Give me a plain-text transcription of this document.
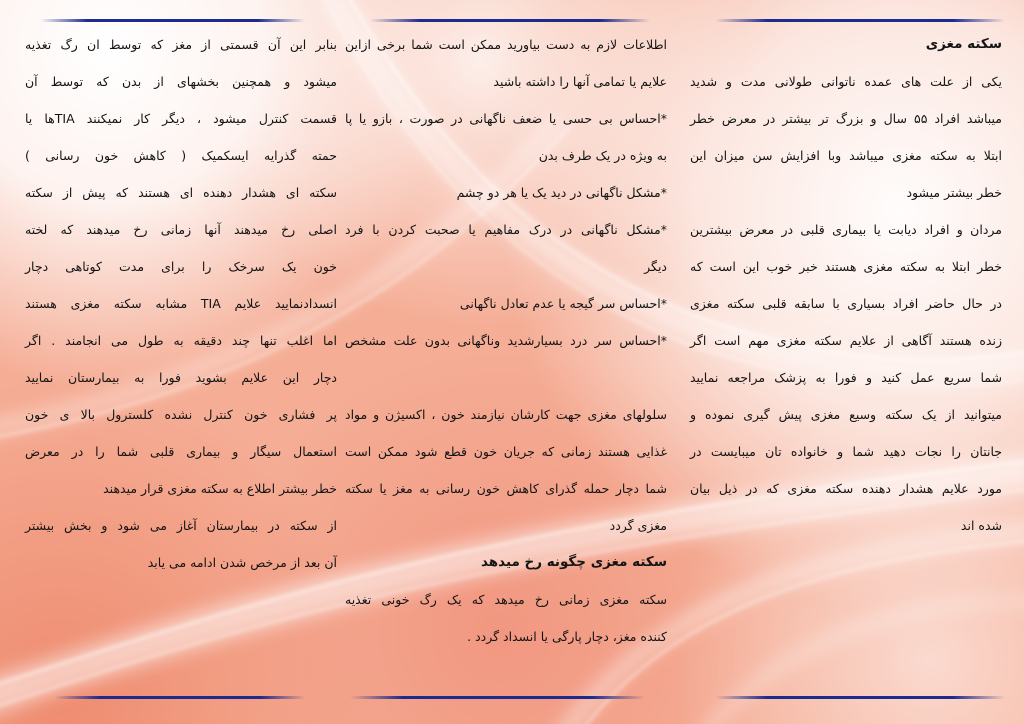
سکته مغزی
یکی از علت های عمده ناتوانی طولانی مدت و شدید
میباشد افراد ۵۵ سال و بزرگ تر بیشتر در معرض خطر
ابتلا به سکته مغزی میباشد وبا افزایش سن میزان این
خطر بیشتر میشود
مردان و افراد دیابت یا بیماری قلبی در معرض بیشترین
خطر ابتلا به سکته مغزی هستند خبر خوب این است که
در حال حاضر افراد بسیاری با سابقه قلبی سکته مغزی
زنده هستند آگاهی از علایم سکته مغزی مهم است اگر
شما سریع عمل کنید و فورا به پزشک مراجعه نمایید
میتوانید از یک سکته وسیع مغزی پیش گیری نموده و
جانتان را نجات دهید شما و خانواده تان میبایست در
مورد علایم هشدار دهنده سکته مغزی که در ذیل بیان
شده اند
اطلاعات لازم به دست بیاورید ممکن است شما برخی ازاین
علایم یا تمامی آنها را داشته باشید
*احساس بی حسی یا ضعف ناگهانی در صورت ، بازو یا پا
به ویژه در یک طرف بدن
*مشکل ناگهانی در دید یک یا هر دو چشم
*مشکل ناگهانی در درک مفاهیم یا صحبت کردن با فرد
دیگر
*احساس سر گیجه یا عدم تعادل ناگهانی
*احساس سر درد بسیارشدید وناگهانی بدون علت مشخص
سلولهای مغزی جهت کارشان نیازمند خون ، اکسیژن و مواد
غذایی هستند زمانی که جریان خون قطع شود ممکن است
شما دچار حمله گذرای کاهش خون رسانی به مغز یا سکته
مغزی گردد
سکته مغزی چگونه رخ میدهد
سکته مغزی زمانی رخ میدهد که یک رگ خونی تغذیه
کننده مغز، دچار پارگی یا انسداد گردد .
بنابر این آن قسمتی از مغز که توسط ان رگ تغذیه
میشود و همچنین بخشهای از بدن که توسط آن
قسمت کنترل میشود ، دیگر کار نمیکنند TIAها یا
حمته گذرایه ایسکمیک ( کاهش خون رسانی )
سکته ای هشدار دهنده ای هستند که پیش از سکته
اصلی رخ میدهند آنها زمانی رخ میدهند که لخته
خون یک سرخک را برای مدت کوتاهی دچار
انسدادنمایید علایم TIA مشابه سکته مغزی هستند
اما اغلب تنها چند دقیقه به طول می انجامند . اگر
دچار این علایم بشوید فورا به بیمارستان نمایید
پر فشاری خون کنترل نشده کلسترول بالا ی خون
استعمال سیگار و بیماری قلبی شما را در معرض
خطر بیشتر اطلاع به سکته مغزی قرار میدهند
از سکته در بیمارستان آغاز می شود و بخش بیشتر
آن بعد از مرخص شدن ادامه می یابد
